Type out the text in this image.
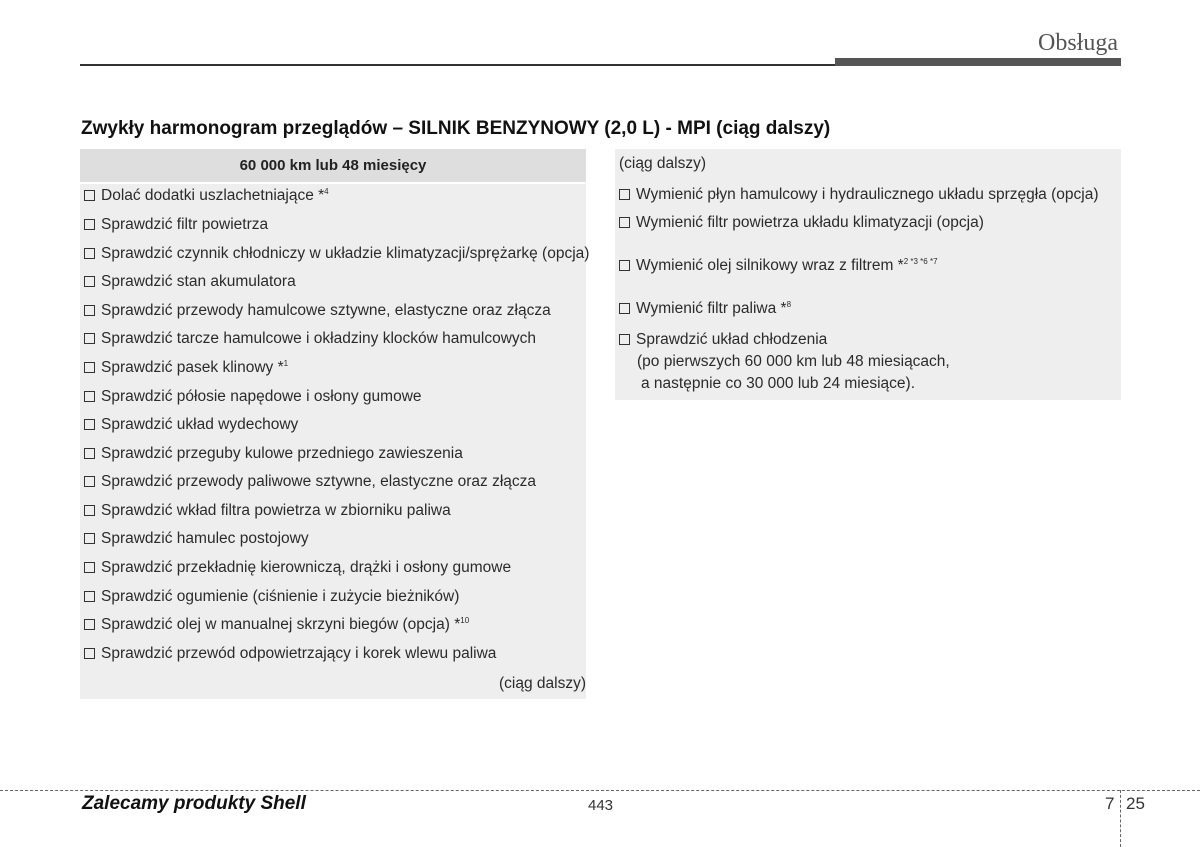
Obsługa
Zwykły harmonogram przeglądów – SILNIK BENZYNOWY (2,0 L) - MPI (ciąg dalszy)
60 000 km lub 48 miesięcy
Dolać dodatki uszlachetniające *$^4$
Sprawdzić filtr powietrza
Sprawdzić czynnik chłodniczy w układzie klimatyzacji/sprężarkę (opcja)
Sprawdzić stan akumulatora
Sprawdzić przewody hamulcowe sztywne, elastyczne oraz złącza
Sprawdzić tarcze hamulcowe i okładziny klocków hamulcowych
Sprawdzić pasek klinowy *$^1$
Sprawdzić półosie napędowe i osłony gumowe
Sprawdzić układ wydechowy
Sprawdzić przeguby kulowe przedniego zawieszenia
Sprawdzić przewody paliwowe sztywne, elastyczne oraz złącza
Sprawdzić wkład filtra powietrza w zbiorniku paliwa
Sprawdzić hamulec postojowy
Sprawdzić przekładnię kierowniczą, drążki i osłony gumowe
Sprawdzić ogumienie (ciśnienie i zużycie bieżników)
Sprawdzić olej w manualnej skrzyni biegów (opcja) *$^{10}$
Sprawdzić przewód odpowietrzający i korek wlewu paliwa
(ciąg dalszy)
(ciąg dalszy)
Wymienić płyn hamulcowy i hydraulicznego układu sprzęgła (opcja)
Wymienić filtr powietrza układu klimatyzacji (opcja)
Wymienić olej silnikowy wraz z filtrem *$^{2 *3 *6 *7}$
Wymienić filtr paliwa *$^8$
Sprawdzić układ chłodzenia
(po pierwszych 60 000 km lub 48 miesiącach,
a następnie co 30 000 lub 24 miesiące).
Zalecamy produkty Shell	443	7 25
